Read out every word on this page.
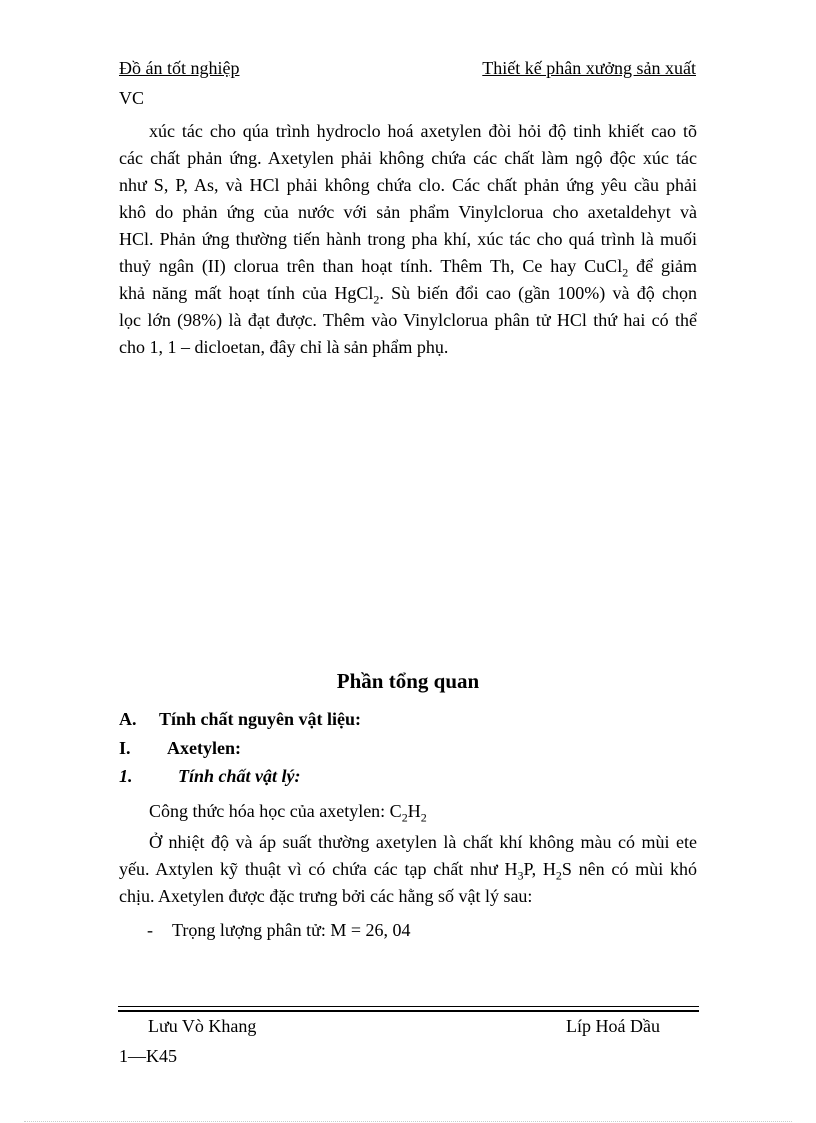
Đồ án tốt nghiệp	Thiết kế phân xưởng sản xuất
VC
xúc tác cho qúa trình hydroclo hoá axetylen đòi hỏi độ tinh khiết cao tõ
các chất phản ứng. Axetylen phải không chứa các chất làm ngộ độc xúc tác
như S, P, As, và HCl phải không chứa clo. Các chất phản ứng yêu cầu phải
khô do phản ứng của nước với sản phẩm Vinylclorua cho axetaldehyt và
HCl. Phản ứng thường tiến hành trong pha khí, xúc tác cho quá trình là muối
thuỷ ngân (II) clorua trên than hoạt tính. Thêm Th, Ce hay CuCl$_2$ để giảm
khả năng mất hoạt tính của HgCl$_2$. Sù biến đổi cao (gần 100%) và độ chọn
lọc lớn (98%) là đạt được. Thêm vào Vinylclorua phân tử HCl thứ hai có thể
cho 1, 1 – dicloetan, đây chỉ là sản phẩm phụ.
Phần tổng quan
A. Tính chất nguyên vật liệu:
I. Axetylen:
1.	Tính chất vật lý:
Công thức hóa học của axetylen: $C_2H_2$
Ở nhiệt độ và áp suất thường axetylen là chất khí không màu có mùi ete
yếu. Axtylen kỹ thuật vì có chứa các tạp chất như $H_3P$, $H_2S$ nên có mùi khó
chịu. Axetylen được đặc trưng bởi các hằng số vật lý sau:
- Trọng lượng phân tử: M = 26, 04
Lưu Vò Khang	Líp Hoá Dầu
1—K45
